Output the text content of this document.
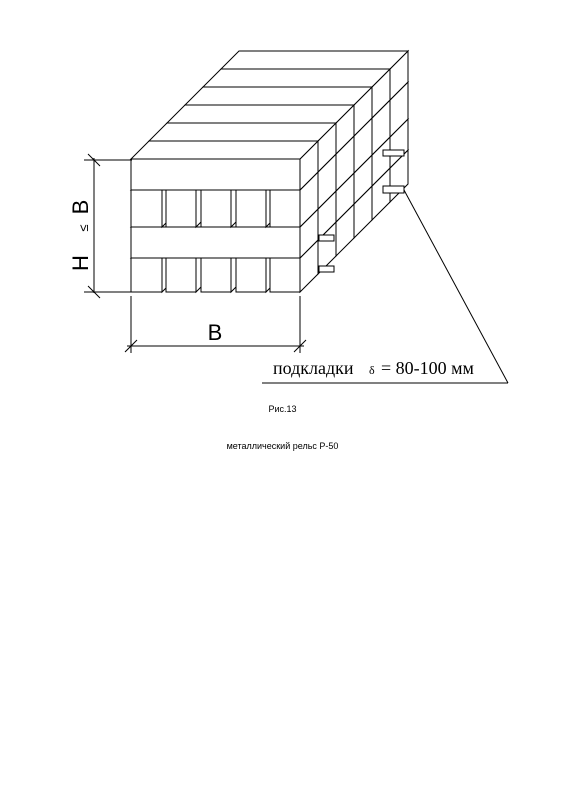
H
≤
B
B
подкладки δ = 80-100 мм
Рис.13
металлический рельс Р-50
